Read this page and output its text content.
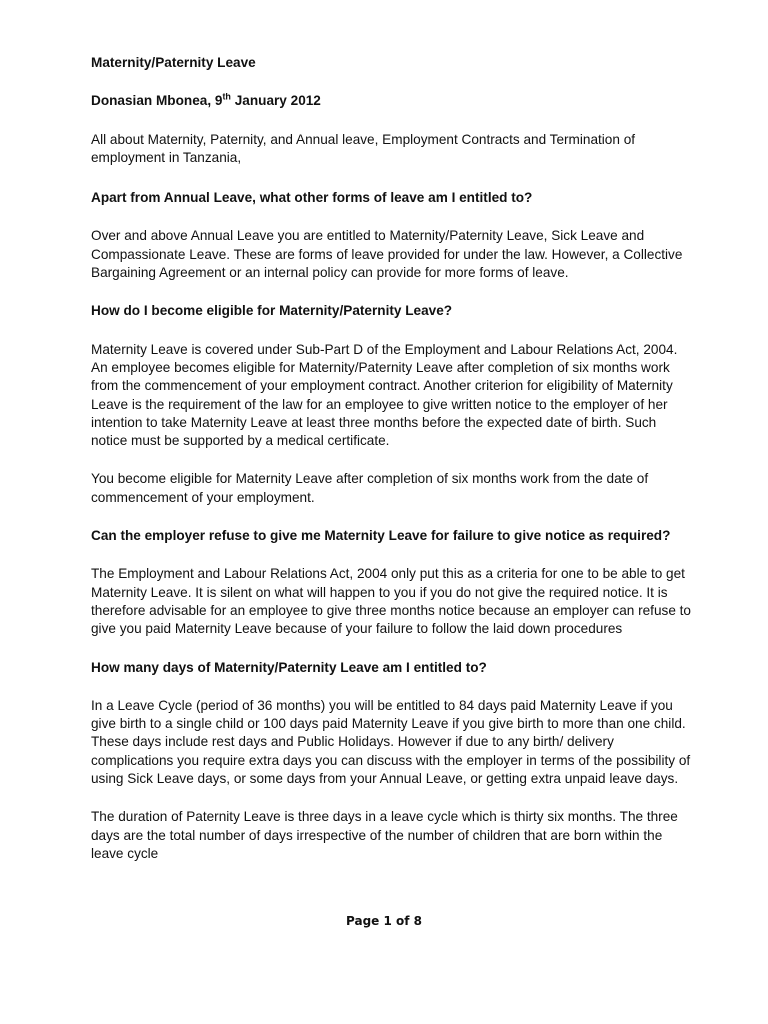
Maternity/Paternity Leave

Donasian Mbonea, 9th January 2012

All about Maternity, Paternity, and Annual leave, Employment Contracts and Termination of employment in Tanzania,

Apart from Annual Leave, what other forms of leave am I entitled to?

Over and above Annual Leave you are entitled to Maternity/Paternity Leave, Sick Leave and Compassionate Leave. These are forms of leave provided for under the law. However, a Collective Bargaining Agreement or an internal policy can provide for more forms of leave.

How do I become eligible for Maternity/Paternity Leave?

Maternity Leave is covered under Sub-Part D of the Employment and Labour Relations Act, 2004. An employee becomes eligible for Maternity/Paternity Leave after completion of six months work from the commencement of your employment contract. Another criterion for eligibility of Maternity Leave is the requirement of the law for an employee to give written notice to the employer of her intention to take Maternity Leave at least three months before the expected date of birth. Such notice must be supported by a medical certificate.

You become eligible for Maternity Leave after completion of six months work from the date of commencement of your employment.

Can the employer refuse to give me Maternity Leave for failure to give notice as required?

The Employment and Labour Relations Act, 2004 only put this as a criteria for one to be able to get Maternity Leave. It is silent on what will happen to you if you do not give the required notice. It is therefore advisable for an employee to give three months notice because an employer can refuse to give you paid Maternity Leave because of your failure to follow the laid down procedures

How many days of Maternity/Paternity Leave am I entitled to?

In a Leave Cycle (period of 36 months) you will be entitled to 84 days paid Maternity Leave if you give birth to a single child or 100 days paid Maternity Leave if you give birth to more than one child. These days include rest days and Public Holidays. However if due to any birth/ delivery complications you require extra days you can discuss with the employer in terms of the possibility of using Sick Leave days, or some days from your Annual Leave, or getting extra unpaid leave days.

The duration of Paternity Leave is three days in a leave cycle which is thirty six months. The three days are the total number of days irrespective of the number of children that are born within the leave cycle

Page 1 of 8
